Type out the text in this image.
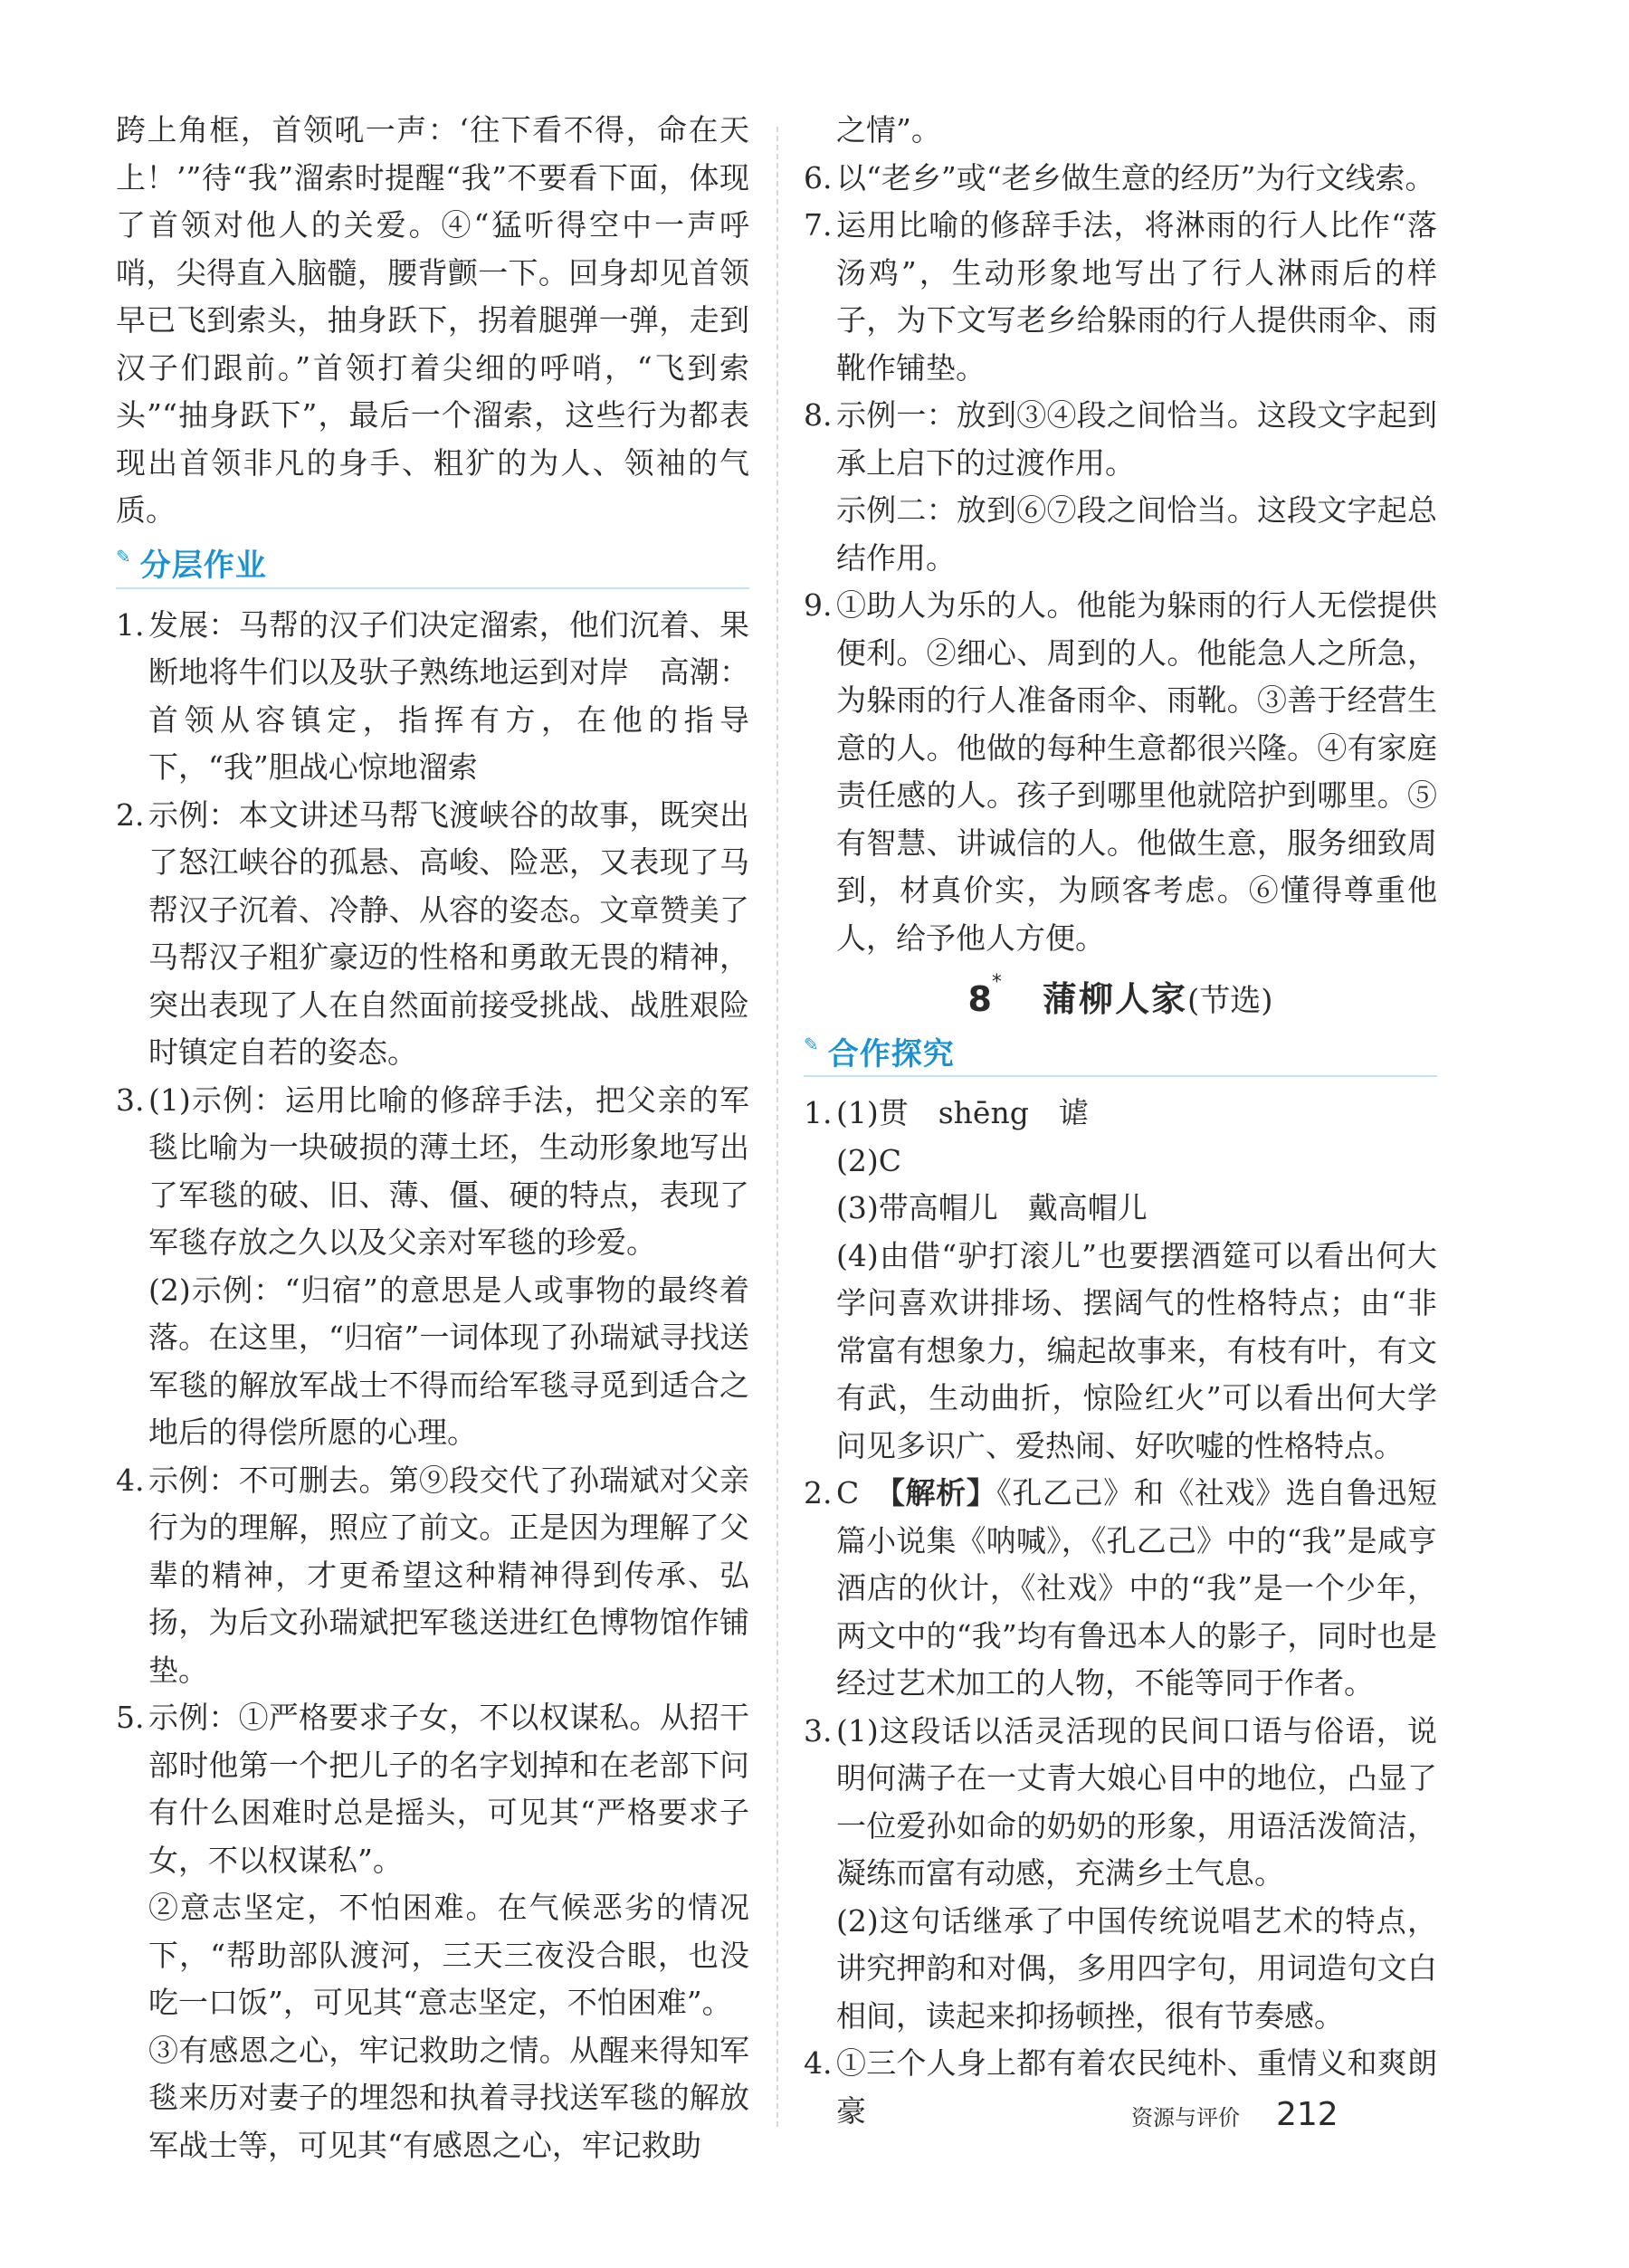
跨上角框，首领吼一声：‘往下看不得，命在天上！’”待“我”溜索时提醒“我”不要看下面，体现了首领对他人的关爱。④“猛听得空中一声呼哨，尖得直入脑髓，腰背颤一下。回身却见首领早已飞到索头，抽身跃下，拐着腿弹一弹，走到汉子们跟前。”首领打着尖细的呼哨，“飞到索头”“抽身跃下”，最后一个溜索，这些行为都表现出首领非凡的身手、粗犷的为人、领袖的气质。

✎ 分层作业
1. 发展：马帮的汉子们决定溜索，他们沉着、果断地将牛们以及驮子熟练地运到对岸　高潮：首领从容镇定，指挥有方，在他的指导下，“我”胆战心惊地溜索

2. 示例：本文讲述马帮飞渡峡谷的故事，既突出了怒江峡谷的孤悬、高峻、险恶，又表现了马帮汉子沉着、冷静、从容的姿态。文章赞美了马帮汉子粗犷豪迈的性格和勇敢无畏的精神，突出表现了人在自然面前接受挑战、战胜艰险时镇定自若的姿态。

3. (1)示例：运用比喻的修辞手法，把父亲的军毯比喻为一块破损的薄土坯，生动形象地写出了军毯的破、旧、薄、僵、硬的特点，表现了军毯存放之久以及父亲对军毯的珍爱。

(2)示例：“归宿”的意思是人或事物的最终着落。在这里，“归宿”一词体现了孙瑞斌寻找送军毯的解放军战士不得而给军毯寻觅到适合之地后的得偿所愿的心理。

4. 示例：不可删去。第⑨段交代了孙瑞斌对父亲行为的理解，照应了前文。正是因为理解了父辈的精神，才更希望这种精神得到传承、弘扬，为后文孙瑞斌把军毯送进红色博物馆作铺垫。

5. 示例：①严格要求子女，不以权谋私。从招干部时他第一个把儿子的名字划掉和在老部下问有什么困难时总是摇头，可见其“严格要求子女，不以权谋私”。

②意志坚定，不怕困难。在气候恶劣的情况下，“帮助部队渡河，三天三夜没合眼，也没吃一口饭”，可见其“意志坚定，不怕困难”。

③有感恩之心，牢记救助之情。从醒来得知军毯来历对妻子的埋怨和执着寻找送军毯的解放军战士等，可见其“有感恩之心，牢记救助

之情”。

6. 以“老乡”或“老乡做生意的经历”为行文线索。

7. 运用比喻的修辞手法，将淋雨的行人比作“落汤鸡”，生动形象地写出了行人淋雨后的样子，为下文写老乡给躲雨的行人提供雨伞、雨靴作铺垫。

8. 示例一：放到③④段之间恰当。这段文字起到承上启下的过渡作用。

示例二：放到⑥⑦段之间恰当。这段文字起总结作用。

9. ①助人为乐的人。他能为躲雨的行人无偿提供便利。②细心、周到的人。他能急人之所急，为躲雨的行人准备雨伞、雨靴。③善于经营生意的人。他做的每种生意都很兴隆。④有家庭责任感的人。孩子到哪里他就陪护到哪里。⑤有智慧、讲诚信的人。他做生意，服务细致周到，材真价实，为顾客考虑。⑥懂得尊重他人，给予他人方便。

8* 蒲柳人家(节选)
✎ 合作探究
1. (1)贯　shēng　谑

(2)C

(3)带高帽儿　戴高帽儿

(4)由借“驴打滚儿”也要摆酒筵可以看出何大学问喜欢讲排场、摆阔气的性格特点；由“非常富有想象力，编起故事来，有枝有叶，有文有武，生动曲折，惊险红火”可以看出何大学问见多识广、爱热闹、好吹嘘的性格特点。

2. C　【解析】《孔乙己》和《社戏》选自鲁迅短篇小说集《呐喊》，《孔乙己》中的“我”是咸亨酒店的伙计，《社戏》中的“我”是一个少年，两文中的“我”均有鲁迅本人的影子，同时也是经过艺术加工的人物，不能等同于作者。

3. (1)这段话以活灵活现的民间口语与俗语，说明何满子在一丈青大娘心目中的地位，凸显了一位爱孙如命的奶奶的形象，用语活泼简洁，凝练而富有动感，充满乡土气息。

(2)这句话继承了中国传统说唱艺术的特点，讲究押韵和对偶，多用四字句，用词造句文白相间，读起来抑扬顿挫，很有节奏感。

4. ①三个人身上都有着农民纯朴、重情义和爽朗豪	资源与评价 212
